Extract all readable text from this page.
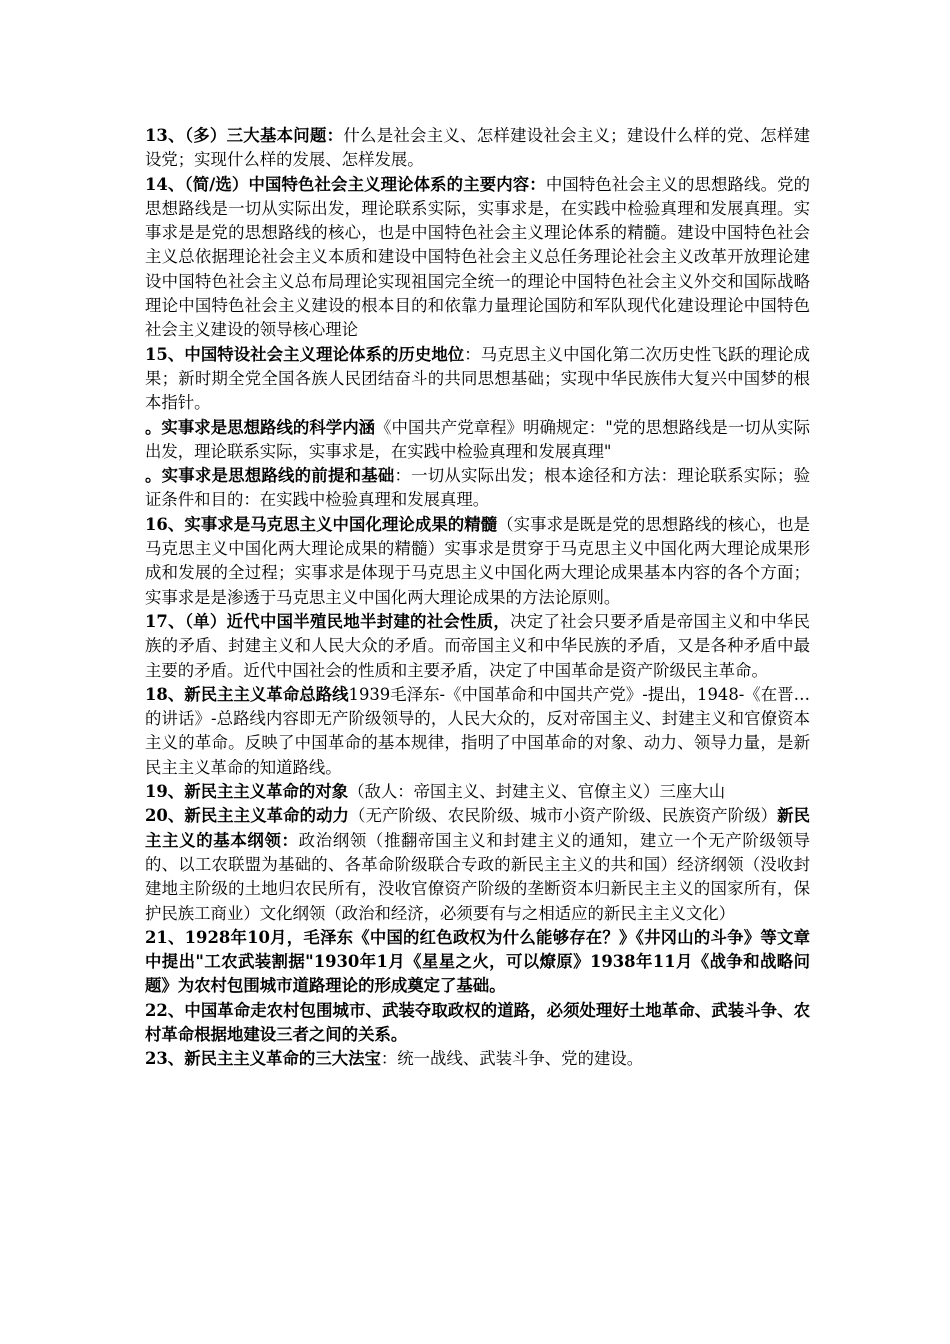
13、（多）三大基本问题：什么是社会主义、怎样建设社会主义；建设什么样的党、怎样建设党；实现什么样的发展、怎样发展。

14、（简/选）中国特色社会主义理论体系的主要内容：中国特色社会主义的思想路线。党的思想路线是一切从实际出发，理论联系实际，实事求是，在实践中检验真理和发展真理。实事求是是党的思想路线的核心，也是中国特色社会主义理论体系的精髓。建设中国特色社会主义总依据理论社会主义本质和建设中国特色社会主义总任务理论社会主义改革开放理论建设中国特色社会主义总布局理论实现祖国完全统一的理论中国特色社会主义外交和国际战略理论中国特色社会主义建设的根本目的和依靠力量理论国防和军队现代化建设理论中国特色社会主义建设的领导核心理论

15、中国特设社会主义理论体系的历史地位：马克思主义中国化第二次历史性飞跃的理论成果；新时期全党全国各族人民团结奋斗的共同思想基础；实现中华民族伟大复兴中国梦的根本指针。

。实事求是思想路线的科学内涵《中国共产党章程》明确规定："党的思想路线是一切从实际出发，理论联系实际，实事求是，在实践中检验真理和发展真理"

。实事求是思想路线的前提和基础：一切从实际出发；根本途径和方法：理论联系实际；验证条件和目的：在实践中检验真理和发展真理。

16、实事求是马克思主义中国化理论成果的精髓（实事求是既是党的思想路线的核心，也是马克思主义中国化两大理论成果的精髓）实事求是贯穿于马克思主义中国化两大理论成果形成和发展的全过程；实事求是体现于马克思主义中国化两大理论成果基本内容的各个方面；实事求是是渗透于马克思主义中国化两大理论成果的方法论原则。

17、（单）近代中国半殖民地半封建的社会性质，决定了社会只要矛盾是帝国主义和中华民族的矛盾、封建主义和人民大众的矛盾。而帝国主义和中华民族的矛盾，又是各种矛盾中最主要的矛盾。近代中国社会的性质和主要矛盾，决定了中国革命是资产阶级民主革命。

18、新民主主义革命总路线1939毛泽东-《中国革命和中国共产党》-提出，1948-《在晋…的讲话》-总路线内容即无产阶级领导的，人民大众的，反对帝国主义、封建主义和官僚资本主义的革命。反映了中国革命的基本规律，指明了中国革命的对象、动力、领导力量，是新民主主义革命的知道路线。

19、新民主主义革命的对象（敌人：帝国主义、封建主义、官僚主义）三座大山

20、新民主主义革命的动力（无产阶级、农民阶级、城市小资产阶级、民族资产阶级）新民主主义的基本纲领：政治纲领（推翻帝国主义和封建主义的通知，建立一个无产阶级领导的、以工农联盟为基础的、各革命阶级联合专政的新民主主义的共和国）经济纲领（没收封建地主阶级的土地归农民所有，没收官僚资产阶级的垄断资本归新民主主义的国家所有，保护民族工商业）文化纲领（政治和经济，必须要有与之相适应的新民主主义文化）

21、1928年10月，毛泽东《中国的红色政权为什么能够存在？》《井冈山的斗争》等文章中提出"工农武装割据"1930年1月《星星之火，可以燎原》1938年11月《战争和战略问题》为农村包围城市道路理论的形成奠定了基础。

22、中国革命走农村包围城市、武装夺取政权的道路，必须处理好土地革命、武装斗争、农村革命根据地建设三者之间的关系。

23、新民主主义革命的三大法宝：统一战线、武装斗争、党的建设。
